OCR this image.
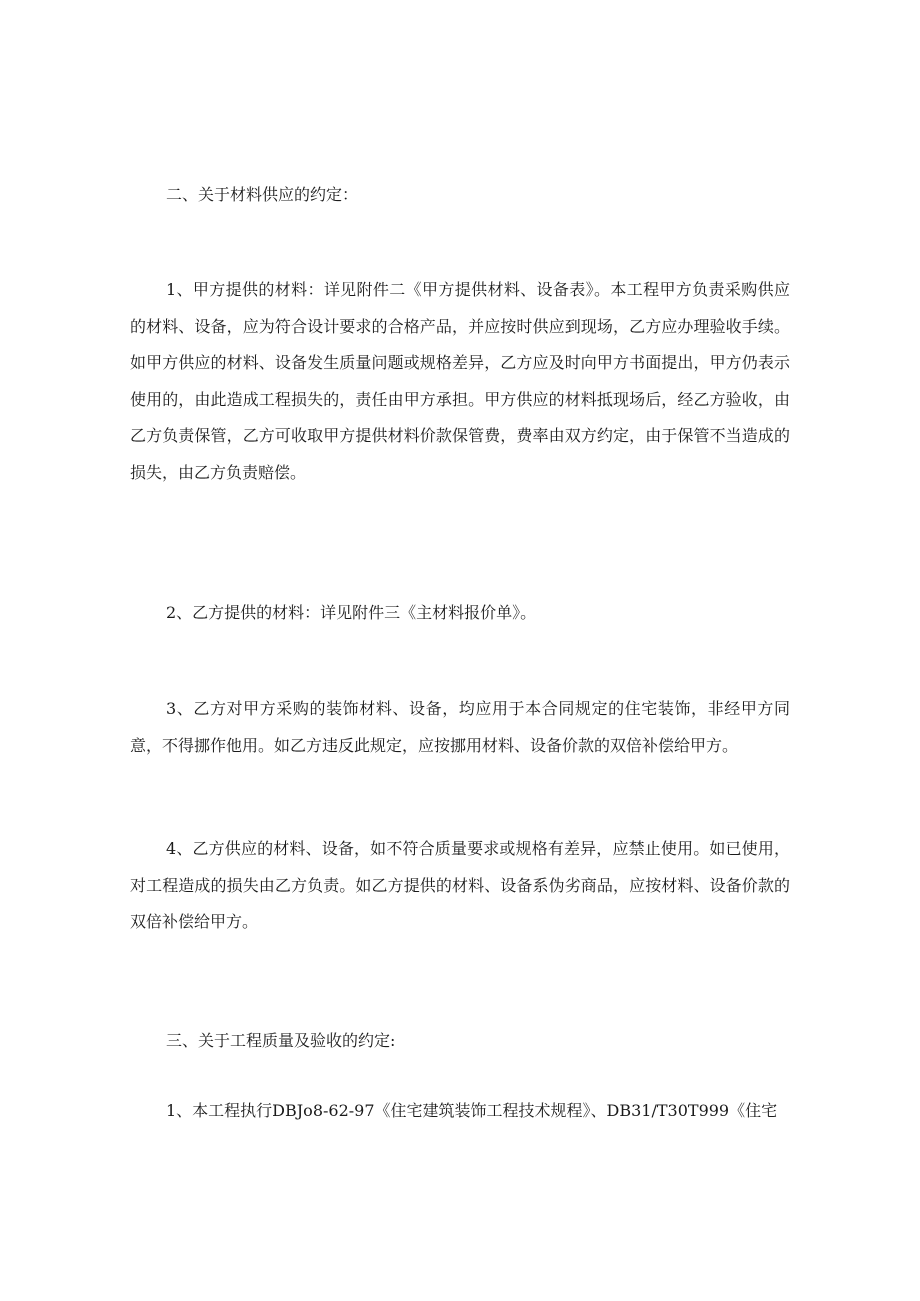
二、关于材料供应的约定：

1、甲方提供的材料：详见附件二《甲方提供材料、设备表》。本工程甲方负责采购供应的材料、设备，应为符合设计要求的合格产品，并应按时供应到现场，乙方应办理验收手续。如甲方供应的材料、设备发生质量问题或规格差异，乙方应及时向甲方书面提出，甲方仍表示使用的，由此造成工程损失的，责任由甲方承担。甲方供应的材料抵现场后，经乙方验收，由乙方负责保管，乙方可收取甲方提供材料价款保管费，费率由双方约定，由于保管不当造成的损失，由乙方负责赔偿。

2、乙方提供的材料：详见附件三《主材料报价单》。

3、乙方对甲方采购的装饰材料、设备，均应用于本合同规定的住宅装饰，非经甲方同意，不得挪作他用。如乙方违反此规定，应按挪用材料、设备价款的双倍补偿给甲方。

4、乙方供应的材料、设备，如不符合质量要求或规格有差异，应禁止使用。如已使用，对工程造成的损失由乙方负责。如乙方提供的材料、设备系伪劣商品，应按材料、设备价款的双倍补偿给甲方。

三、关于工程质量及验收的约定:

1、本工程执行DBJo8-62-97《住宅建筑装饰工程技术规程》、DB31/T30T999《住宅
